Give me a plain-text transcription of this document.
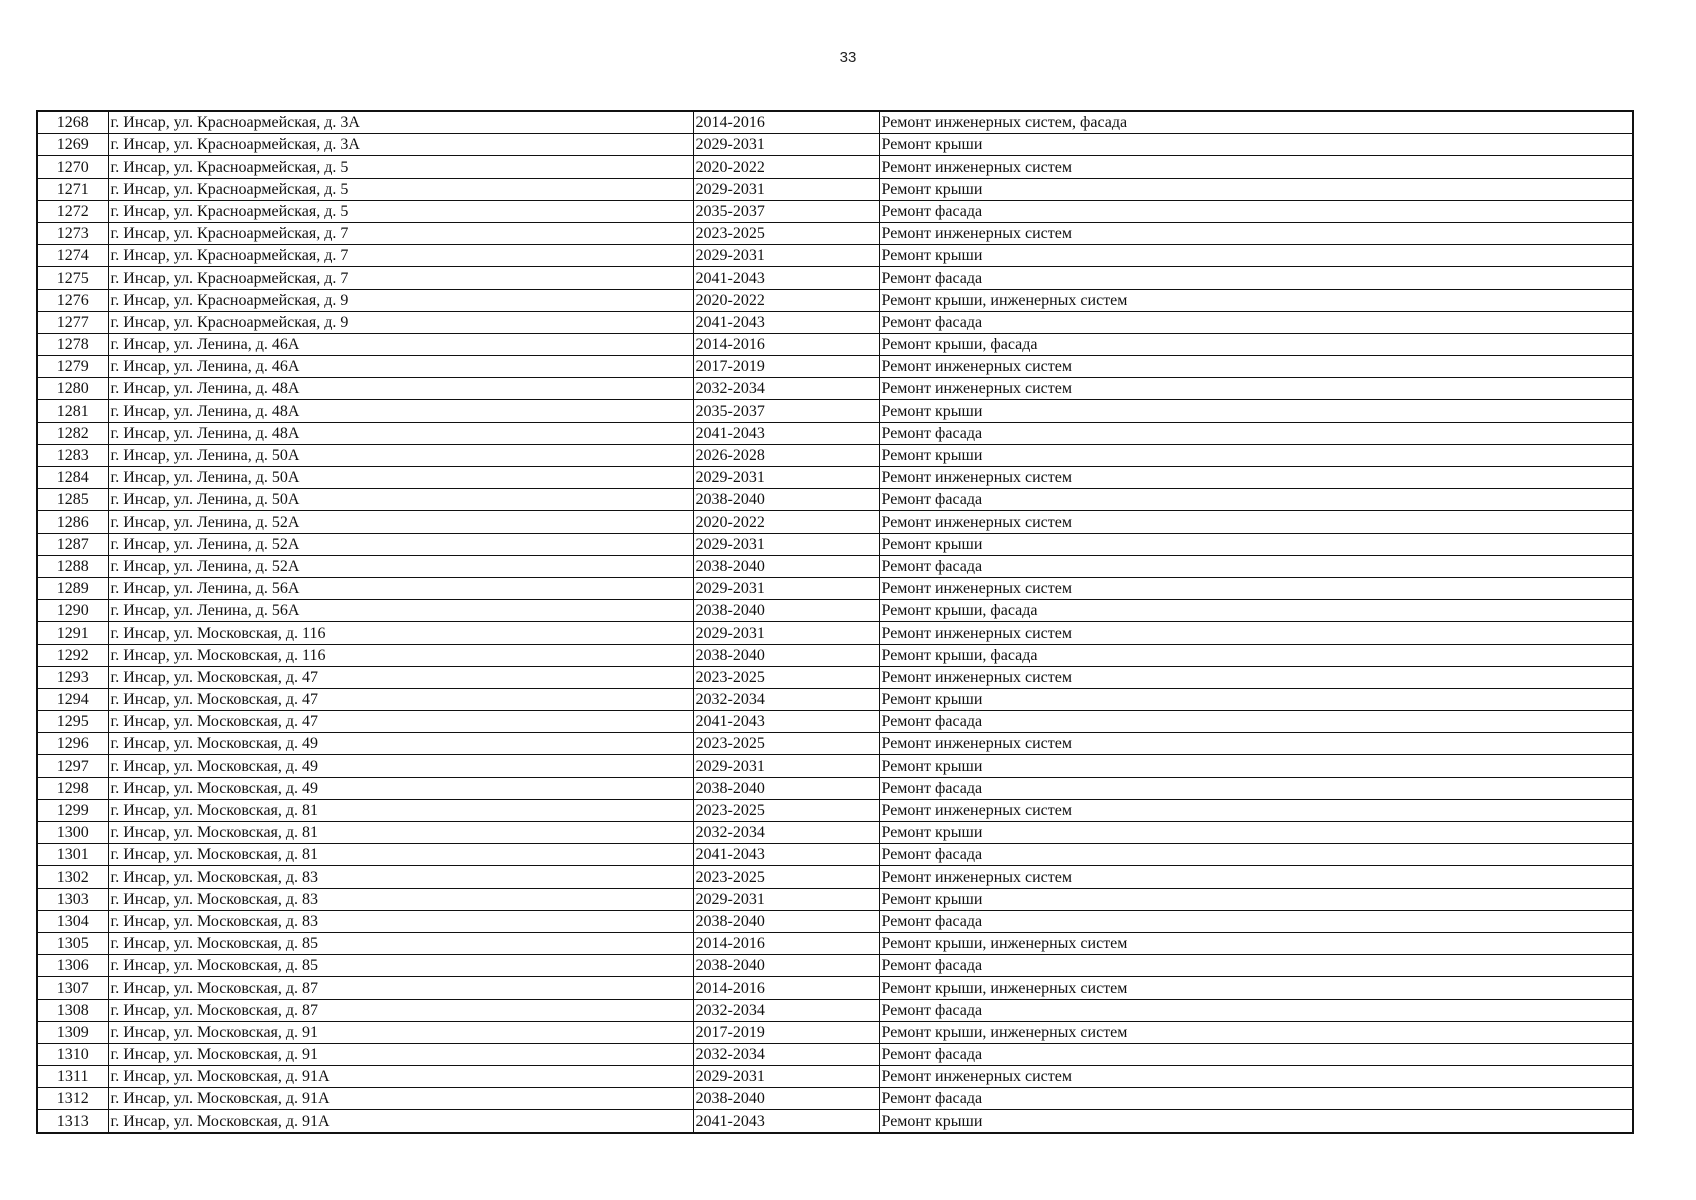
33
1268	г. Инсар, ул. Красноармейская, д. 3А	2014-2016	Ремонт инженерных систем, фасада
1269	г. Инсар, ул. Красноармейская, д. 3А	2029-2031	Ремонт крыши
1270	г. Инсар, ул. Красноармейская, д. 5	2020-2022	Ремонт инженерных систем
1271	г. Инсар, ул. Красноармейская, д. 5	2029-2031	Ремонт крыши
1272	г. Инсар, ул. Красноармейская, д. 5	2035-2037	Ремонт фасада
1273	г. Инсар, ул. Красноармейская, д. 7	2023-2025	Ремонт инженерных систем
1274	г. Инсар, ул. Красноармейская, д. 7	2029-2031	Ремонт крыши
1275	г. Инсар, ул. Красноармейская, д. 7	2041-2043	Ремонт фасада
1276	г. Инсар, ул. Красноармейская, д. 9	2020-2022	Ремонт крыши, инженерных систем
1277	г. Инсар, ул. Красноармейская, д. 9	2041-2043	Ремонт фасада
1278	г. Инсар, ул. Ленина, д. 46А	2014-2016	Ремонт крыши, фасада
1279	г. Инсар, ул. Ленина, д. 46А	2017-2019	Ремонт инженерных систем
1280	г. Инсар, ул. Ленина, д. 48А	2032-2034	Ремонт инженерных систем
1281	г. Инсар, ул. Ленина, д. 48А	2035-2037	Ремонт крыши
1282	г. Инсар, ул. Ленина, д. 48А	2041-2043	Ремонт фасада
1283	г. Инсар, ул. Ленина, д. 50А	2026-2028	Ремонт крыши
1284	г. Инсар, ул. Ленина, д. 50А	2029-2031	Ремонт инженерных систем
1285	г. Инсар, ул. Ленина, д. 50А	2038-2040	Ремонт фасада
1286	г. Инсар, ул. Ленина, д. 52А	2020-2022	Ремонт инженерных систем
1287	г. Инсар, ул. Ленина, д. 52А	2029-2031	Ремонт крыши
1288	г. Инсар, ул. Ленина, д. 52А	2038-2040	Ремонт фасада
1289	г. Инсар, ул. Ленина, д. 56А	2029-2031	Ремонт инженерных систем
1290	г. Инсар, ул. Ленина, д. 56А	2038-2040	Ремонт крыши, фасада
1291	г. Инсар, ул. Московская, д. 116	2029-2031	Ремонт инженерных систем
1292	г. Инсар, ул. Московская, д. 116	2038-2040	Ремонт крыши, фасада
1293	г. Инсар, ул. Московская, д. 47	2023-2025	Ремонт инженерных систем
1294	г. Инсар, ул. Московская, д. 47	2032-2034	Ремонт крыши
1295	г. Инсар, ул. Московская, д. 47	2041-2043	Ремонт фасада
1296	г. Инсар, ул. Московская, д. 49	2023-2025	Ремонт инженерных систем
1297	г. Инсар, ул. Московская, д. 49	2029-2031	Ремонт крыши
1298	г. Инсар, ул. Московская, д. 49	2038-2040	Ремонт фасада
1299	г. Инсар, ул. Московская, д. 81	2023-2025	Ремонт инженерных систем
1300	г. Инсар, ул. Московская, д. 81	2032-2034	Ремонт крыши
1301	г. Инсар, ул. Московская, д. 81	2041-2043	Ремонт фасада
1302	г. Инсар, ул. Московская, д. 83	2023-2025	Ремонт инженерных систем
1303	г. Инсар, ул. Московская, д. 83	2029-2031	Ремонт крыши
1304	г. Инсар, ул. Московская, д. 83	2038-2040	Ремонт фасада
1305	г. Инсар, ул. Московская, д. 85	2014-2016	Ремонт крыши, инженерных систем
1306	г. Инсар, ул. Московская, д. 85	2038-2040	Ремонт фасада
1307	г. Инсар, ул. Московская, д. 87	2014-2016	Ремонт крыши, инженерных систем
1308	г. Инсар, ул. Московская, д. 87	2032-2034	Ремонт фасада
1309	г. Инсар, ул. Московская, д. 91	2017-2019	Ремонт крыши, инженерных систем
1310	г. Инсар, ул. Московская, д. 91	2032-2034	Ремонт фасада
1311	г. Инсар, ул. Московская, д. 91А	2029-2031	Ремонт инженерных систем
1312	г. Инсар, ул. Московская, д. 91А	2038-2040	Ремонт фасада
1313	г. Инсар, ул. Московская, д. 91А	2041-2043	Ремонт крыши
